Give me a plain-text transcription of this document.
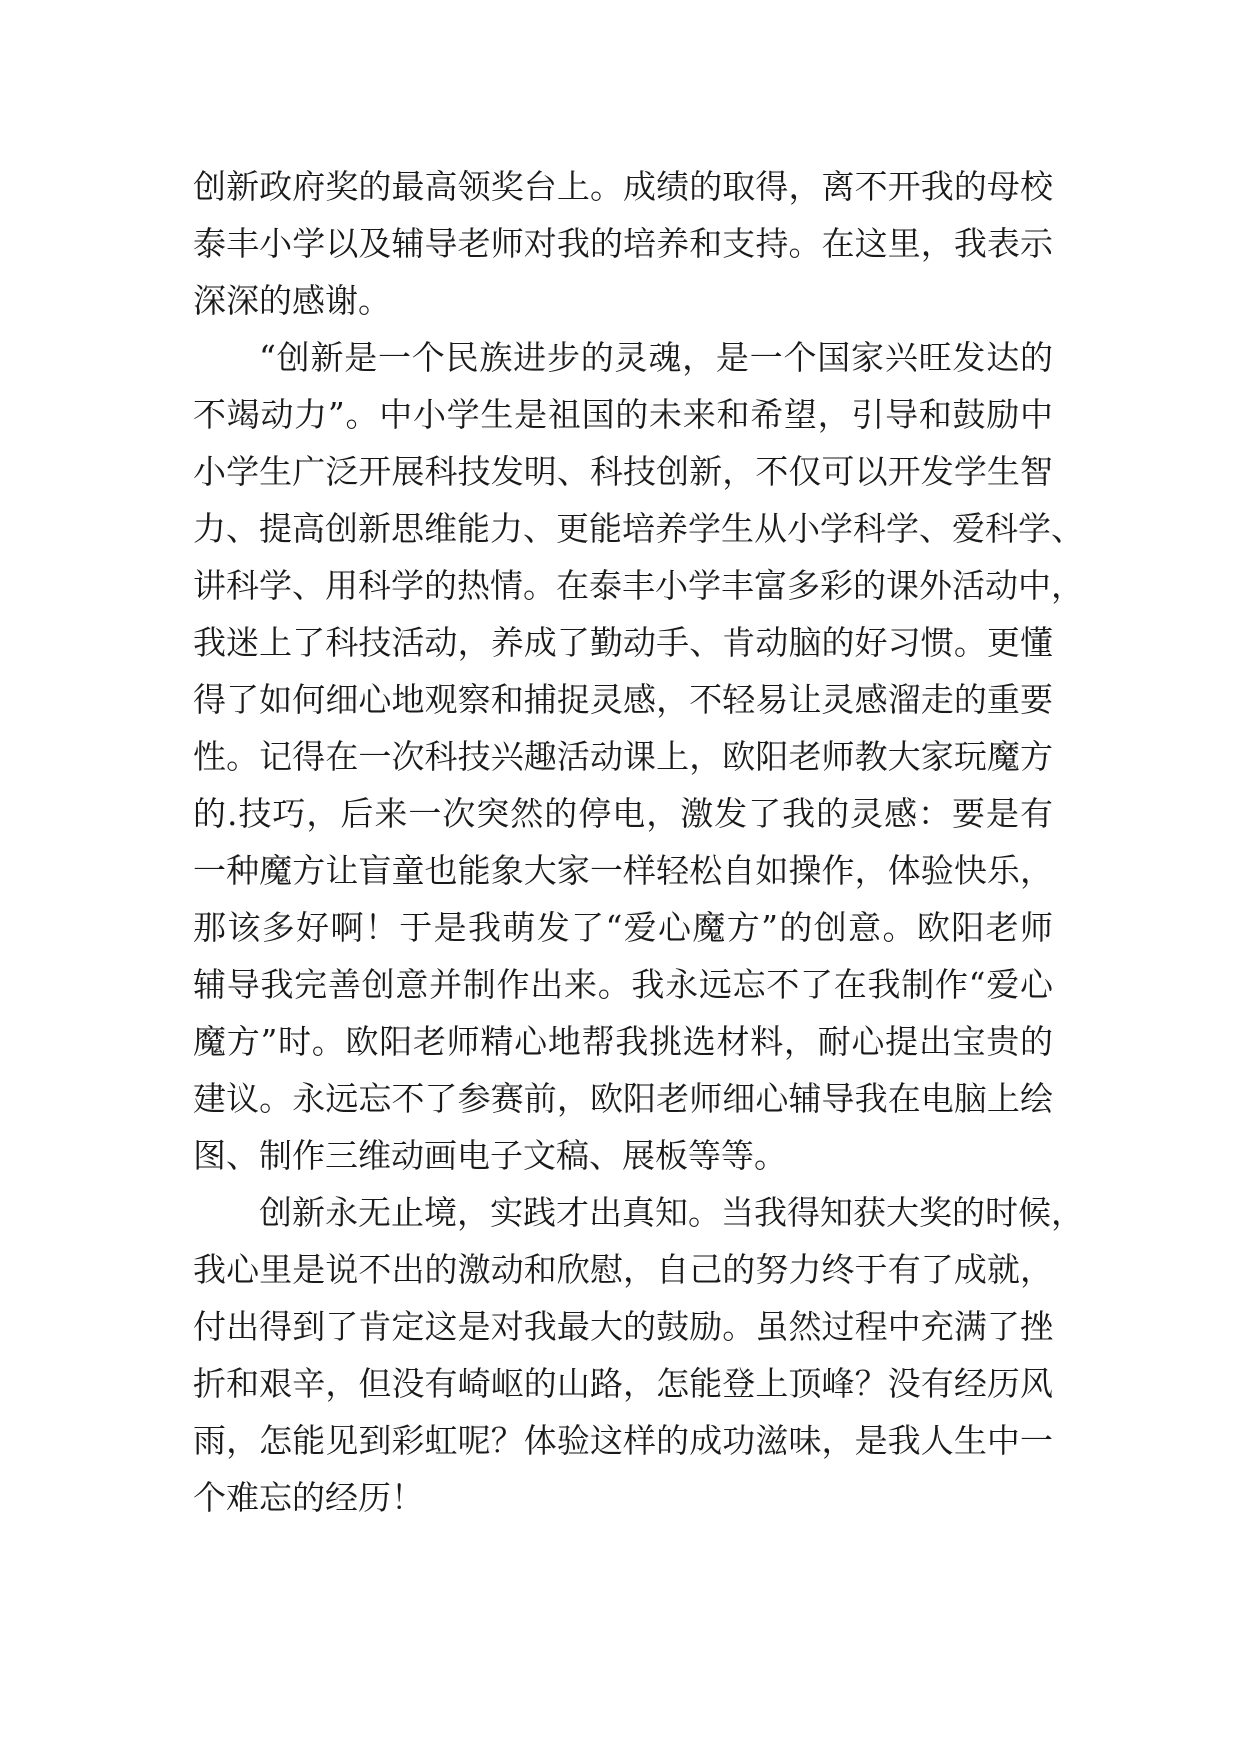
创新政府奖的最高领奖台上。成绩的取得，离不开我的母校
泰丰小学以及辅导老师对我的培养和支持。在这里，我表示
深深的感谢。
“创新是一个民族进步的灵魂，是一个国家兴旺发达的
不竭动力”。中小学生是祖国的未来和希望，引导和鼓励中
小学生广泛开展科技发明、科技创新，不仅可以开发学生智
力、提高创新思维能力、更能培养学生从小学科学、爱科学、
讲科学、用科学的热情。在泰丰小学丰富多彩的课外活动中，
我迷上了科技活动，养成了勤动手、肯动脑的好习惯。更懂
得了如何细心地观察和捕捉灵感，不轻易让灵感溜走的重要
性。记得在一次科技兴趣活动课上，欧阳老师教大家玩魔方
的.技巧，后来一次突然的停电，激发了我的灵感：要是有
一种魔方让盲童也能象大家一样轻松自如操作，体验快乐，
那该多好啊！于是我萌发了“爱心魔方”的创意。欧阳老师
辅导我完善创意并制作出来。我永远忘不了在我制作“爱心
魔方”时。欧阳老师精心地帮我挑选材料，耐心提出宝贵的
建议。永远忘不了参赛前，欧阳老师细心辅导我在电脑上绘
图、制作三维动画电子文稿、展板等等。
创新永无止境，实践才出真知。当我得知获大奖的时候，
我心里是说不出的激动和欣慰，自己的努力终于有了成就，
付出得到了肯定这是对我最大的鼓励。虽然过程中充满了挫
折和艰辛，但没有崎岖的山路，怎能登上顶峰？没有经历风
雨，怎能见到彩虹呢？体验这样的成功滋味，是我人生中一
个难忘的经历！
